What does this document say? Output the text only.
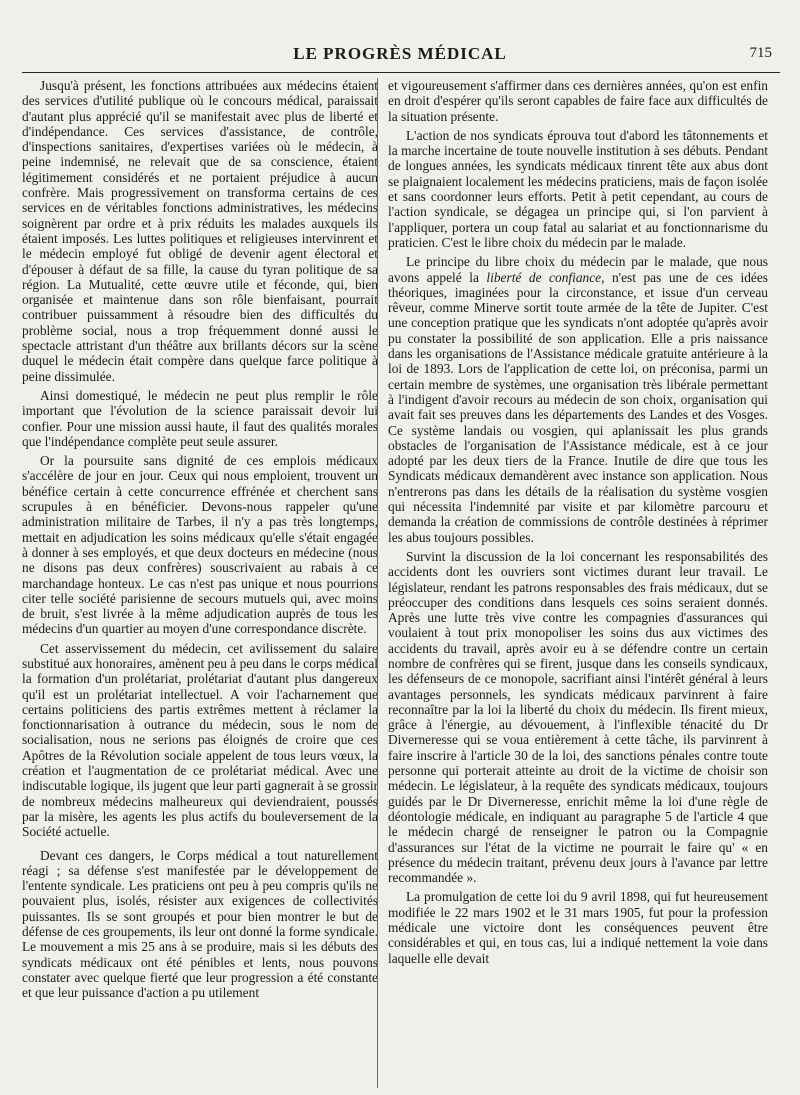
LE PROGRÈS MÉDICAL	715

Jusqu'à présent, les fonctions attribuées aux médecins étaient des services d'utilité publique où le concours médical, paraissait d'autant plus apprécié qu'il se manifestait avec plus de liberté et d'indépendance. Ces services d'assistance, de contrôle, d'inspections sanitaires, d'expertises variées où le médecin, à peine indemnisé, ne relevait que de sa conscience, étaient légitimement considérés et ne portaient préjudice à aucun confrère. Mais progressivement on transforma certains de ces services en de véritables fonctions administratives, les médecins soignèrent par ordre et à prix réduits les malades auxquels ils étaient imposés. Les luttes politiques et religieuses intervinrent et le médecin employé fut obligé de devenir agent électoral et d'épouser à défaut de sa fille, la cause du tyran politique de sa région. La Mutualité, cette œuvre utile et féconde, qui, bien organisée et maintenue dans son rôle bienfaisant, pourrait contribuer puissamment à résoudre bien des difficultés du problème social, nous a trop fréquemment donné aussi le spectacle attristant d'un théâtre aux brillants décors sur la scène duquel le médecin était compère dans quelque farce politique à peine dissimulée.

Ainsi domestiqué, le médecin ne peut plus remplir le rôle important que l'évolution de la science paraissait devoir lui confier. Pour une mission aussi haute, il faut des qualités morales que l'indépendance complète peut seule assurer.

Or la poursuite sans dignité de ces emplois médicaux s'accélère de jour en jour. Ceux qui nous emploient, trouvent un bénéfice certain à cette concurrence effrénée et cherchent sans scrupules à en bénéficier. Devons-nous rappeler qu'une administration militaire de Tarbes, il n'y a pas très longtemps, mettait en adjudication les soins médicaux qu'elle s'était engagée à donner à ses employés, et que deux docteurs en médecine (nous ne disons pas deux confrères) souscrivaient au rabais à ce marchandage honteux. Le cas n'est pas unique et nous pourrions citer telle société parisienne de secours mutuels qui, avec moins de bruit, s'est livrée à la même adjudication auprès de tous les médecins d'un quartier au moyen d'une correspondance discrète.

Cet asservissement du médecin, cet avilissement du salaire substitué aux honoraires, amènent peu à peu dans le corps médical la formation d'un prolétariat, prolétariat d'autant plus dangereux qu'il est un prolétariat intellectuel. A voir l'acharnement que certains politiciens des partis extrêmes mettent à réclamer la fonctionnarisation à outrance du médecin, sous le nom de socialisation, nous ne serions pas éloignés de croire que ces Apôtres de la Révolution sociale appelent de tous leurs vœux, la création et l'augmentation de ce prolétariat médical. Avec une indiscutable logique, ils jugent que leur parti gagnerait à se grossir de nombreux médecins malheureux qui deviendraient, poussés par la misère, les agents les plus actifs du bouleversement de la Société actuelle.

Devant ces dangers, le Corps médical a tout naturellement réagi ; sa défense s'est manifestée par le développement de l'entente syndicale. Les praticiens ont peu à peu compris qu'ils ne pouvaient plus, isolés, résister aux exigences de collectivités puissantes. Ils se sont groupés et pour bien montrer le but de défense de ces groupements, ils leur ont donné la forme syndicale. Le mouvement a mis 25 ans à se produire, mais si les débuts des syndicats médicaux ont été pénibles et lents, nous pouvons constater avec quelque fierté que leur progression a été constante et que leur puissance d'action a pu utilement

et vigoureusement s'affirmer dans ces dernières années, qu'on est enfin en droit d'espérer qu'ils seront capables de faire face aux difficultés de la situation présente.

L'action de nos syndicats éprouva tout d'abord les tâtonnements et la marche incertaine de toute nouvelle institution à ses débuts. Pendant de longues années, les syndicats médicaux tinrent tête aux abus dont se plaignaient localement les médecins praticiens, mais de façon isolée et sans coordonner leurs efforts. Petit à petit cependant, au cours de l'action syndicale, se dégagea un principe qui, si l'on parvient à l'appliquer, portera un coup fatal au salariat et au fonctionnarisme du praticien. C'est le libre choix du médecin par le malade.

Le principe du libre choix du médecin par le malade, que nous avons appelé la liberté de confiance, n'est pas une de ces idées théoriques, imaginées pour la circonstance, et issue d'un cerveau rêveur, comme Minerve sortit toute armée de la tête de Jupiter. C'est une conception pratique que les syndicats n'ont adoptée qu'après avoir pu constater la possibilité de son application. Elle a pris naissance dans les organisations de l'Assistance médicale gratuite antérieure à la loi de 1893. Lors de l'application de cette loi, on préconisa, parmi un certain membre de systèmes, une organisation très libérale permettant à l'indigent d'avoir recours au médecin de son choix, organisation qui avait fait ses preuves dans les départements des Landes et des Vosges. Ce système landais ou vosgien, qui aplanissait les plus grands obstacles de l'organisation de l'Assistance médicale, est à ce jour adopté par les deux tiers de la France. Inutile de dire que tous les Syndicats médicaux demandèrent avec instance son application. Nous n'entrerons pas dans les détails de la réalisation du système vosgien qui nécessita l'indemnité par visite et par kilomètre parcouru et demanda la création de commissions de contrôle destinées à réprimer les abus toujours possibles.

Survint la discussion de la loi concernant les responsabilités des accidents dont les ouvriers sont victimes durant leur travail. Le législateur, rendant les patrons responsables des frais médicaux, dut se préoccuper des conditions dans lesquels ces soins seraient donnés. Après une lutte très vive contre les compagnies d'assurances qui voulaient à tout prix monopoliser les soins dus aux victimes des accidents du travail, après avoir eu à se défendre contre un certain nombre de confrères qui se firent, jusque dans les conseils syndicaux, les défenseurs de ce monopole, sacrifiant ainsi l'intérêt général à leurs avantages personnels, les syndicats médicaux parvinrent à faire reconnaître par la loi la liberté du choix du médecin. Ils firent mieux, grâce à l'énergie, au dévouement, à l'inflexible ténacité du Dr Diverneresse qui se voua entièrement à cette tâche, ils parvinrent à faire inscrire à l'article 30 de la loi, des sanctions pénales contre toute personne qui porterait atteinte au droit de la victime de choisir son médecin. Le législateur, à la requête des syndicats médicaux, toujours guidés par le Dr Diverneresse, enrichit même la loi d'une règle de déontologie médicale, en indiquant au paragraphe 5 de l'article 4 que le médecin chargé de renseigner le patron ou la Compagnie d'assurances sur l'état de la victime ne pourrait le faire qu' « en présence du médecin traitant, prévenu deux jours à l'avance par lettre recommandée ».

La promulgation de cette loi du 9 avril 1898, qui fut heureusement modifiée le 22 mars 1902 et le 31 mars 1905, fut pour la profession médicale une victoire dont les conséquences peuvent être considérables et qui, en tous cas, lui a indiqué nettement la voie dans laquelle elle devait
